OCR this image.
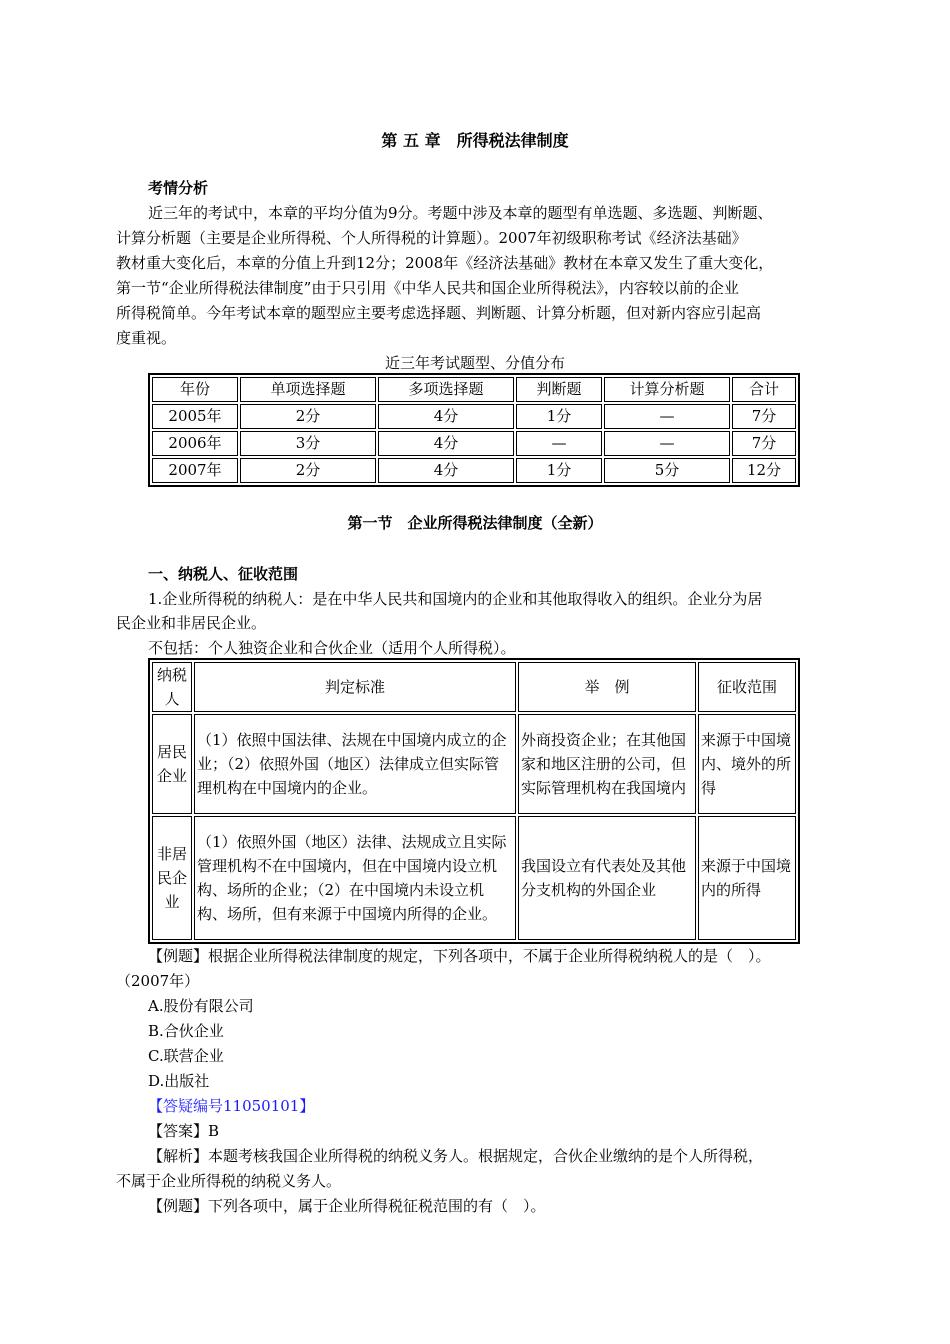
第 五 章　所得税法律制度
考情分析
近三年的考试中，本章的平均分值为9分。考题中涉及本章的题型有单选题、多选题、判断题、
计算分析题（主要是企业所得税、个人所得税的计算题）。2007年初级职称考试《经济法基础》
教材重大变化后，本章的分值上升到12分；2008年《经济法基础》教材在本章又发生了重大变化，
第一节“企业所得税法律制度”由于只引用《中华人民共和国企业所得税法》，内容较以前的企业
所得税简单。今年考试本章的题型应主要考虑选择题、判断题、计算分析题，但对新内容应引起高
度重视。
近三年考试题型、分值分布
年份	单项选择题	多项选择题	判断题	计算分析题	合计
2005年	2分	4分	1分	—	7分
2006年	3分	4分	—	—	7分
2007年	2分	4分	1分	5分	12分
第一节　企业所得税法律制度（全新）
一、纳税人、征收范围
1.企业所得税的纳税人：是在中华人民共和国境内的企业和其他取得收入的组织。企业分为居
民企业和非居民企业。
不包括：个人独资企业和合伙企业（适用个人所得税）。
纳税人	判定标准	举　例	征收范围
居民企业	（1）依照中国法律、法规在中国境内成立的企业；（2）依照外国（地区）法律成立但实际管理机构在中国境内的企业。	外商投资企业；在其他国家和地区注册的公司，但实际管理机构在我国境内	来源于中国境内、境外的所得
非居民企业	（1）依照外国（地区）法律、法规成立且实际管理机构不在中国境内，但在中国境内设立机构、场所的企业；（2）在中国境内未设立机构、场所，但有来源于中国境内所得的企业。	我国设立有代表处及其他分支机构的外国企业	来源于中国境内的所得
【例题】根据企业所得税法律制度的规定，下列各项中，不属于企业所得税纳税人的是（　）。
（2007年）
A.股份有限公司
B.合伙企业
C.联营企业
D.出版社
【答疑编号11050101】
【答案】B
【解析】本题考核我国企业所得税的纳税义务人。根据规定，合伙企业缴纳的是个人所得税，
不属于企业所得税的纳税义务人。
【例题】下列各项中，属于企业所得税征税范围的有（　）。
